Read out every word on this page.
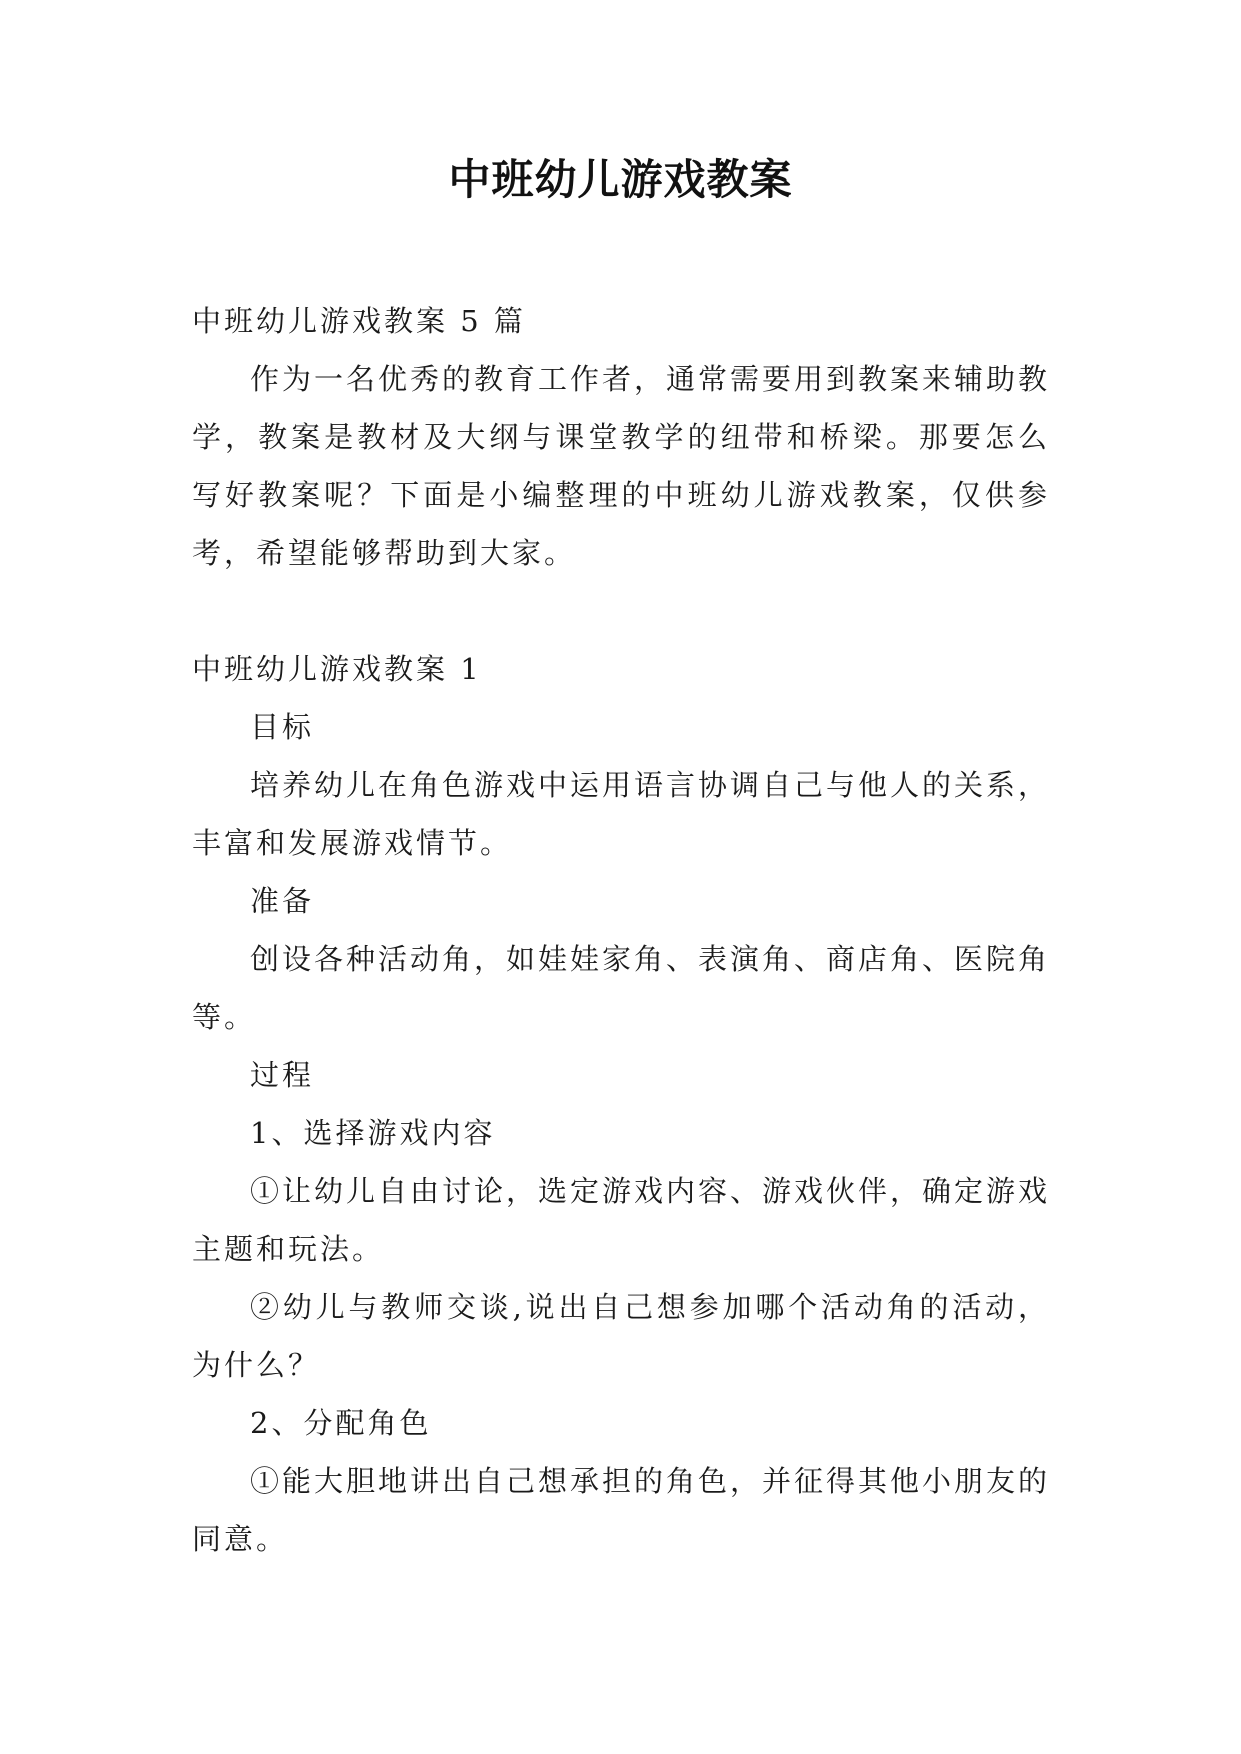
中班幼儿游戏教案

中班幼儿游戏教案 5 篇

作为一名优秀的教育工作者，通常需要用到教案来辅助教学，教案是教材及大纲与课堂教学的纽带和桥梁。那要怎么写好教案呢？下面是小编整理的中班幼儿游戏教案，仅供参考，希望能够帮助到大家。

中班幼儿游戏教案 1

目标

培养幼儿在角色游戏中运用语言协调自己与他人的关系，丰富和发展游戏情节。

准备

创设各种活动角，如娃娃家角、表演角、商店角、医院角等。

过程

1、选择游戏内容

①让幼儿自由讨论，选定游戏内容、游戏伙伴，确定游戏主题和玩法。

②幼儿与教师交谈,说出自己想参加哪个活动角的活动，为什么？

2、分配角色

①能大胆地讲出自己想承担的角色，并征得其他小朋友的同意。
